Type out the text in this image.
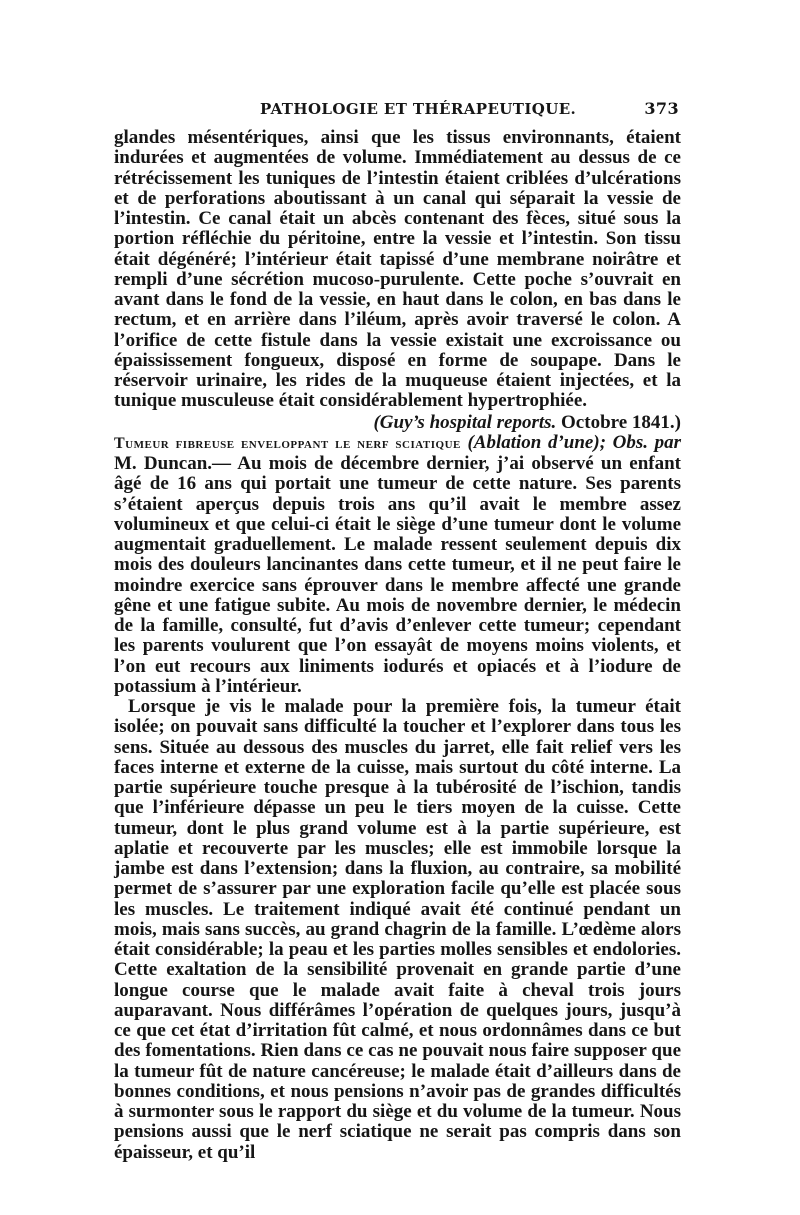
PATHOLOGIE ET THÉRAPEUTIQUE.	373

glandes mésentériques, ainsi que les tissus environnants, étaient indurées et augmentées de volume. Immédiatement au dessus de ce rétrécissement les tuniques de l’intestin étaient criblées d’ulcérations et de perforations aboutissant à un canal qui séparait la vessie de l’intestin. Ce canal était un abcès contenant des fèces, situé sous la portion réfléchie du péritoine, entre la vessie et l’intestin. Son tissu était dégénéré; l’intérieur était tapissé d’une membrane noirâtre et rempli d’une sécrétion mucoso-purulente. Cette poche s’ouvrait en avant dans le fond de la vessie, en haut dans le colon, en bas dans le rectum, et en arrière dans l’iléum, après avoir traversé le colon. A l’orifice de cette fistule dans la vessie existait une excroissance ou épaississement fongueux, disposé en forme de soupape. Dans le réservoir urinaire, les rides de la muqueuse étaient injectées, et la tunique musculeuse était considérablement hypertrophiée.

(Guy’s hospital reports. Octobre 1841.)

Tumeur fibreuse enveloppant le nerf sciatique (Ablation d’une); Obs. par M. Duncan.— Au mois de décembre dernier, j’ai observé un enfant âgé de 16 ans qui portait une tumeur de cette nature. Ses parents s’étaient aperçus depuis trois ans qu’il avait le membre assez volumineux et que celui-ci était le siège d’une tumeur dont le volume augmentait graduellement. Le malade ressent seulement depuis dix mois des douleurs lancinantes dans cette tumeur, et il ne peut faire le moindre exercice sans éprouver dans le membre affecté une grande gêne et une fatigue subite. Au mois de novembre dernier, le médecin de la famille, consulté, fut d’avis d’enlever cette tumeur; cependant les parents voulurent que l’on essayât de moyens moins violents, et l’on eut recours aux liniments iodurés et opiacés et à l’iodure de potassium à l’intérieur.

Lorsque je vis le malade pour la première fois, la tumeur était isolée; on pouvait sans difficulté la toucher et l’explorer dans tous les sens. Située au dessous des muscles du jarret, elle fait relief vers les faces interne et externe de la cuisse, mais surtout du côté interne. La partie supérieure touche presque à la tubérosité de l’ischion, tandis que l’inférieure dépasse un peu le tiers moyen de la cuisse. Cette tumeur, dont le plus grand volume est à la partie supérieure, est aplatie et recouverte par les muscles; elle est immobile lorsque la jambe est dans l’extension; dans la fluxion, au contraire, sa mobilité permet de s’assurer par une exploration facile qu’elle est placée sous les muscles. Le traitement indiqué avait été continué pendant un mois, mais sans succès, au grand chagrin de la famille. L’œdème alors était considérable; la peau et les parties molles sensibles et endolories. Cette exaltation de la sensibilité provenait en grande partie d’une longue course que le malade avait faite à cheval trois jours auparavant. Nous différâmes l’opération de quelques jours, jusqu’à ce que cet état d’irritation fût calmé, et nous ordonnâmes dans ce but des fomentations. Rien dans ce cas ne pouvait nous faire supposer que la tumeur fût de nature cancéreuse; le malade était d’ailleurs dans de bonnes conditions, et nous pensions n’avoir pas de grandes difficultés à surmonter sous le rapport du siège et du volume de la tumeur. Nous pensions aussi que le nerf sciatique ne serait pas compris dans son épaisseur, et qu’il
